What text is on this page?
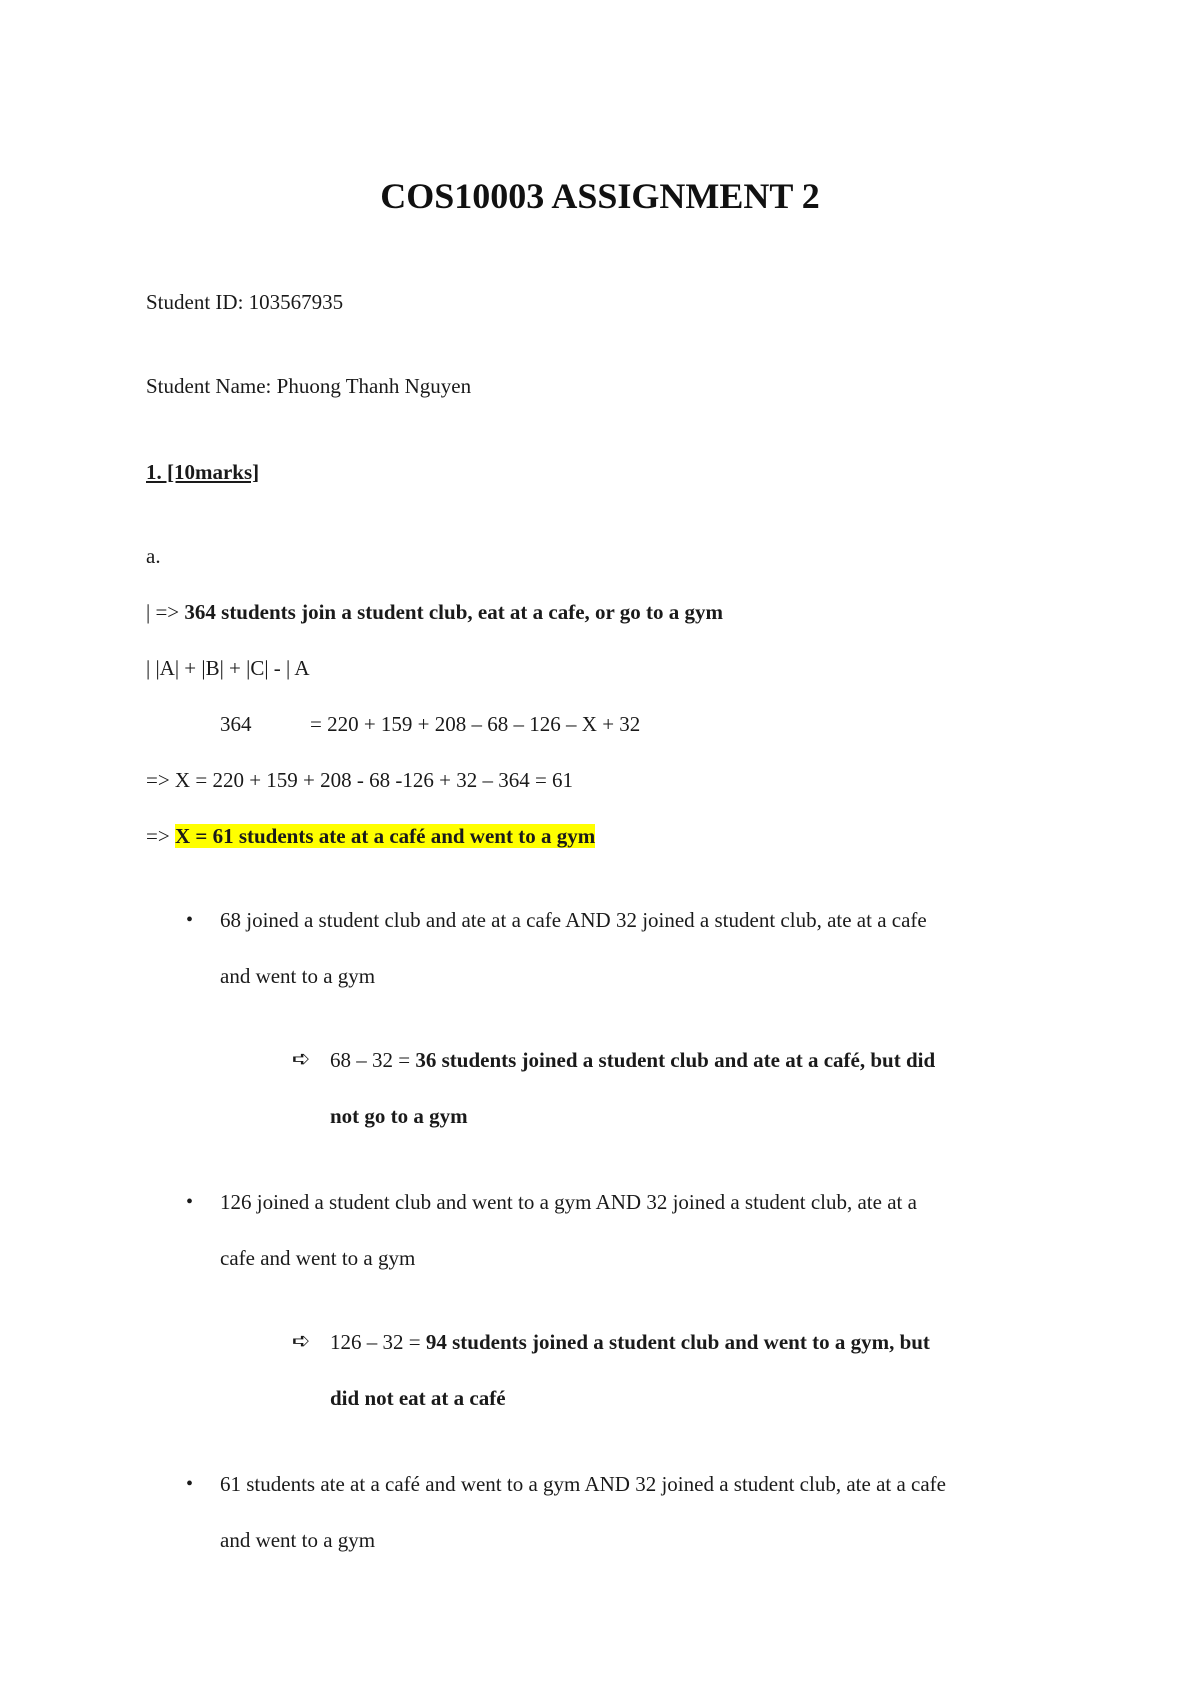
COS10003 ASSIGNMENT 2
Student ID: 103567935
Student Name: Phuong Thanh Nguyen
1. [10marks]
a.
| => 364 students join a student club, eat at a cafe, or go to a gym
| |A| + |B| + |C| - | A
364	= 220 + 159 + 208 – 68 – 126 – X + 32
=> X = 220 + 159 + 208 - 68 -126 + 32 – 364 = 61
=> X = 61 students ate at a café and went to a gym
• 68 joined a student club and ate at a cafe AND 32 joined a student club, ate at a cafe
and went to a gym
➪ 68 – 32 = 36 students joined a student club and ate at a café, but did
not go to a gym
• 126 joined a student club and went to a gym AND 32 joined a student club, ate at a
cafe and went to a gym
➪ 126 – 32 = 94 students joined a student club and went to a gym, but
did not eat at a café
• 61 students ate at a café and went to a gym AND 32 joined a student club, ate at a cafe
and went to a gym
